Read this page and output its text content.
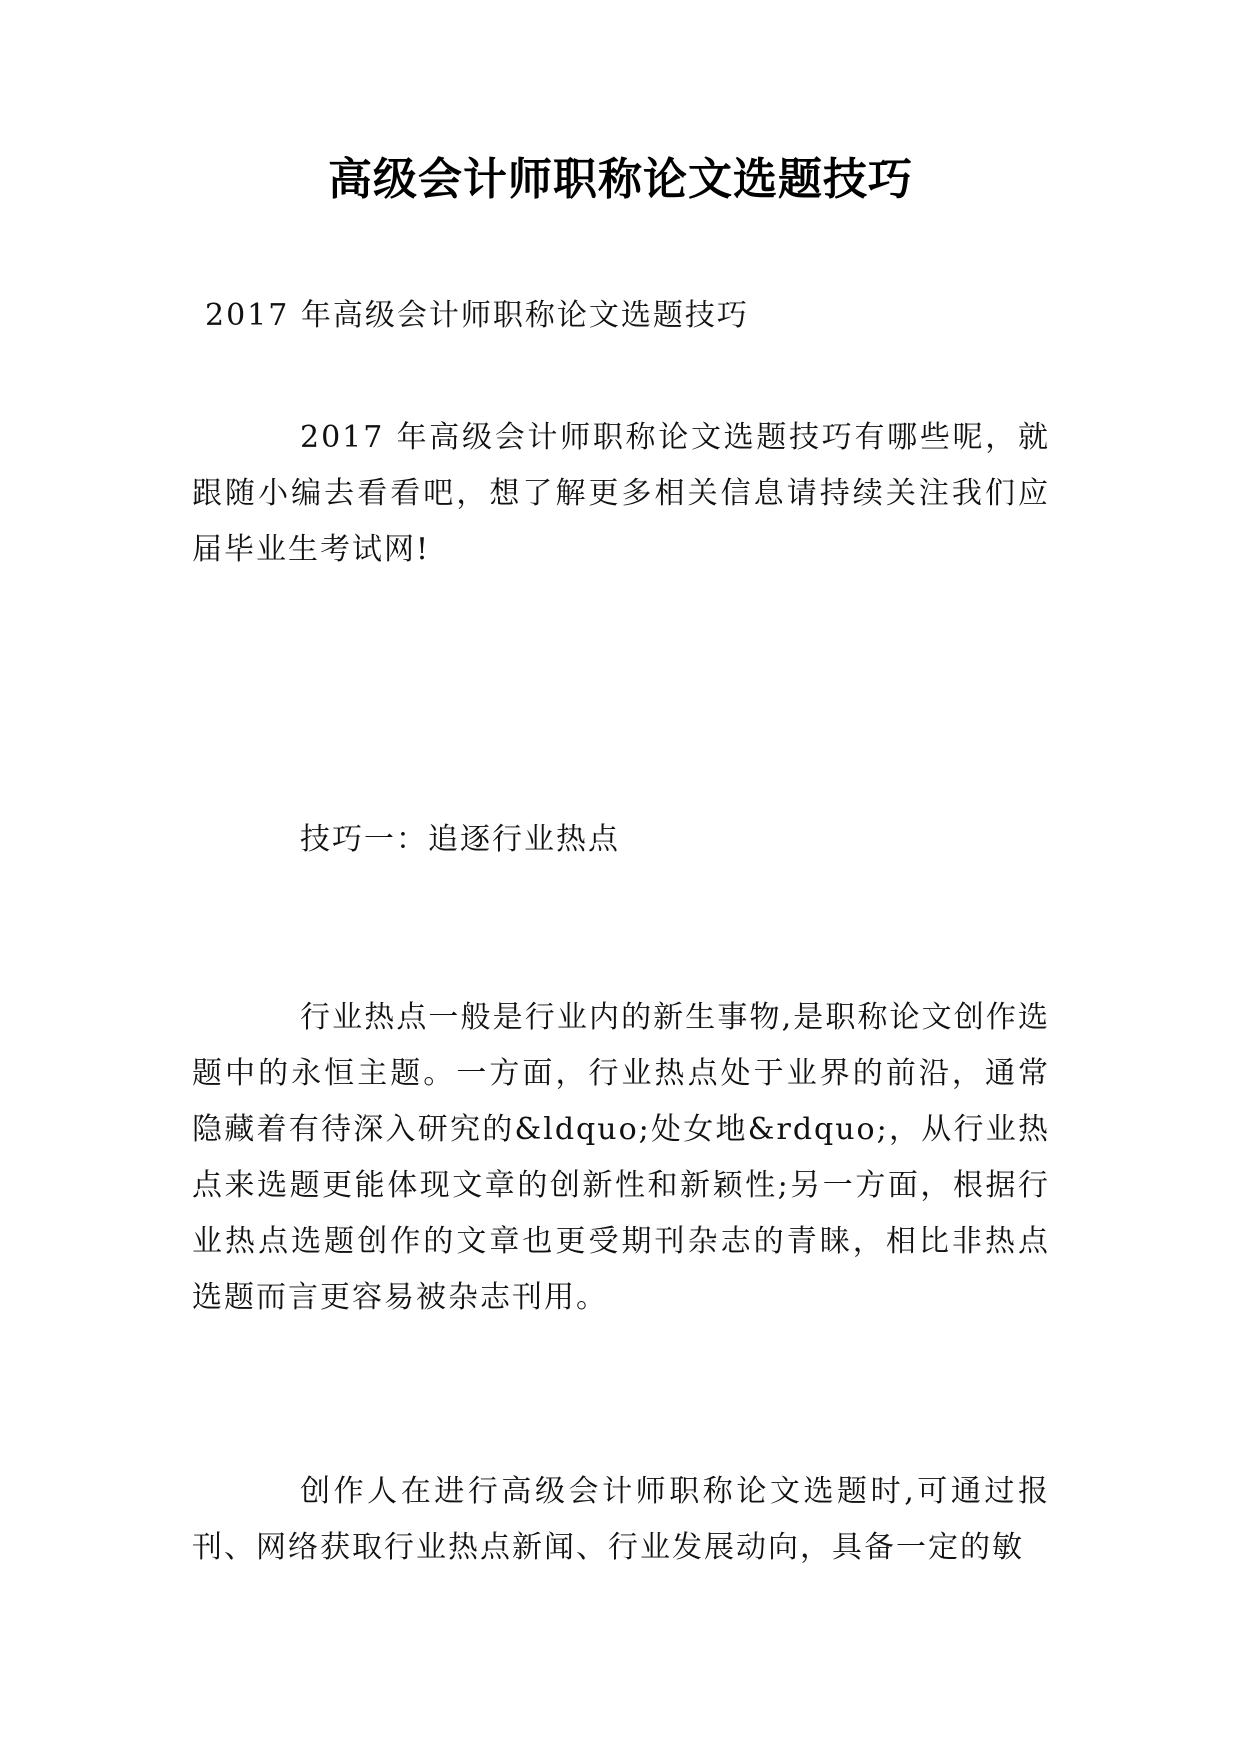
高级会计师职称论文选题技巧
2017 年高级会计师职称论文选题技巧
2017 年高级会计师职称论文选题技巧有哪些呢，就跟随小编去看看吧，想了解更多相关信息请持续关注我们应届毕业生考试网!
技巧一：追逐行业热点
行业热点一般是行业内的新生事物,是职称论文创作选题中的永恒主题。一方面，行业热点处于业界的前沿，通常隐藏着有待深入研究的&ldquo;处女地&rdquo;，从行业热点来选题更能体现文章的创新性和新颖性;另一方面，根据行业热点选题创作的文章也更受期刊杂志的青睐，相比非热点选题而言更容易被杂志刊用。
创作人在进行高级会计师职称论文选题时,可通过报刊、网络获取行业热点新闻、行业发展动向，具备一定的敏
